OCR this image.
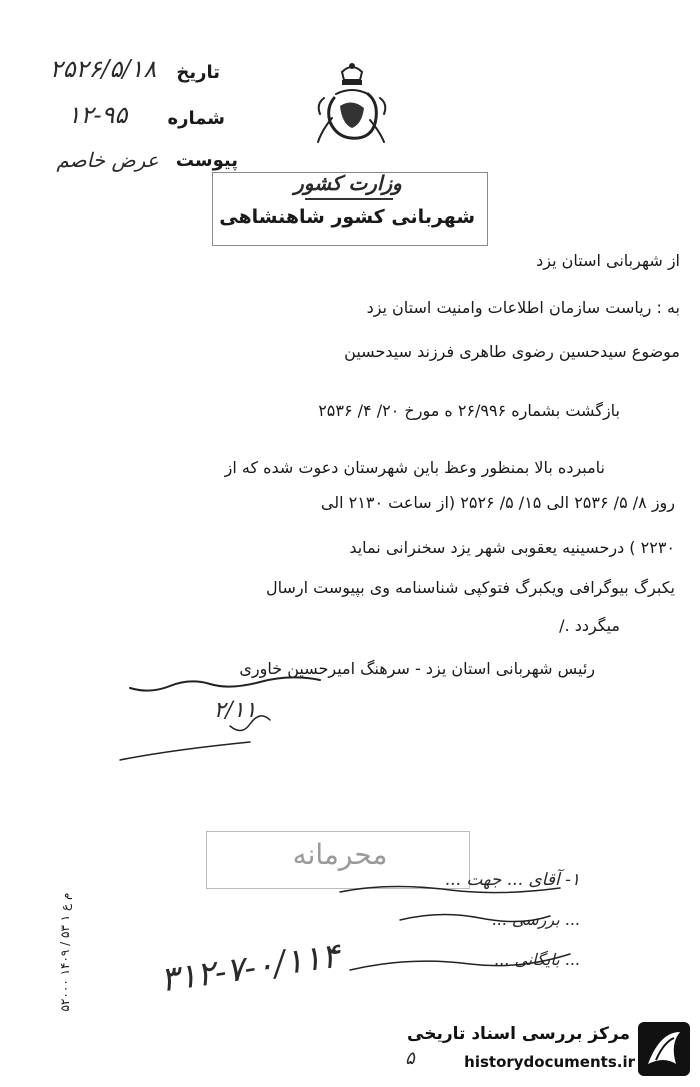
تاریخ
۲۵۲۶/۵/۱۸
شماره
۱۲-۹۵
پیوست
عرض خاصم
وزارت کشور
شهربانی کشور شاهنشاهی
از شهربانی استان یزد
به : ریاست سازمان اطلاعات وامنیت استان یزد
موضوع سیدحسین رضوی طاهری فرزند سیدحسین
بازگشت بشماره ۲۶/۹۹۶ ه مورخ ۲۰/ ۴/ ۲۵۳۶
نامبرده بالا بمنظور وعظ باین شهرستان دعوت شده که از
روز ۸/ ۵/ ۲۵۳۶ الی ۱۵/ ۵/ ۲۵۲۶ (از ساعت ۲۱۳۰ الی
۲۲۳۰ ) درحسینیه یعقوبی شهر یزد سخنرانی نماید
یکبرگ بیوگرافی ویکبرگ فتوکپی شناسنامه وی بپیوست ارسال
میگردد ./
رئیس شهربانی استان یزد - سرهنگ امیرحسین خاوری
۲/۱۱
محرمانه
۱- آقای ... جهت ...
... بررسی ...
... بایگانی ...
۳۱۲-۷-۰/۱۱۴
۵۲۰۰۰ ۱۴۰۹ / م ع ۱ ۵۳
۵
مرکز بررسی اسناد تاریخی
historydocuments.ir
